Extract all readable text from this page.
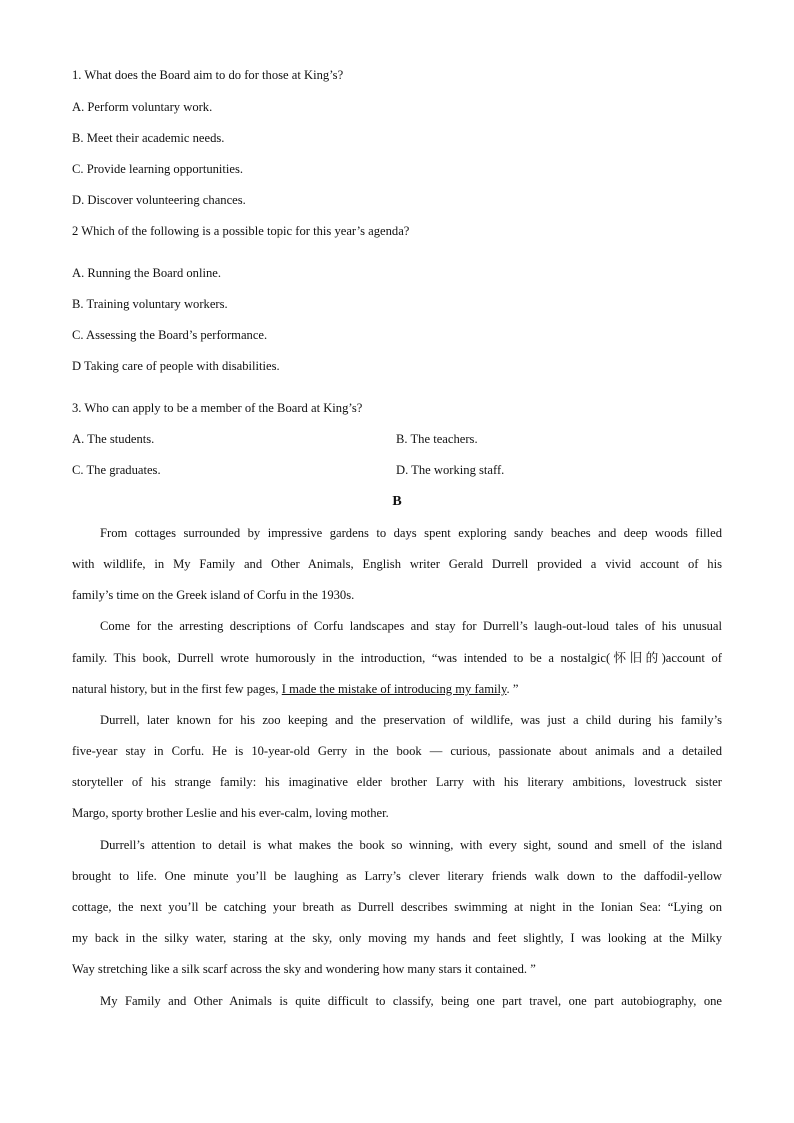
1. What does the Board aim to do for those at King’s?
A. Perform voluntary work.
B. Meet their academic needs.
C. Provide learning opportunities.
D. Discover volunteering chances.
2 Which of the following is a possible topic for this year’s agenda?
A. Running the Board online.
B. Training voluntary workers.
C. Assessing the Board’s performance.
D Taking care of people with disabilities.
3. Who can apply to be a member of the Board at King’s?
A. The students.	B. The teachers.
C. The graduates.	D. The working staff.
B
From cottages surrounded by impressive gardens to days spent exploring sandy beaches and deep woods filled
with wildlife, in My Family and Other Animals, English writer Gerald Durrell provided a vivid account of his
family’s time on the Greek island of Corfu in the 1930s.
Come for the arresting descriptions of Corfu landscapes and stay for Durrell’s laugh-out-loud tales of his unusual
family. This book, Durrell wrote humorously in the introduction, “was intended to be a nostalgic(怀旧的)account of
natural history, but in the first few pages, I made the mistake of introducing my family. ”
Durrell, later known for his zoo keeping and the preservation of wildlife, was just a child during his family’s
five-year stay in Corfu. He is 10-year-old Gerry in the book — curious, passionate about animals and a detailed
storyteller of his strange family: his imaginative elder brother Larry with his literary ambitions, lovestruck sister
Margo, sporty brother Leslie and his ever-calm, loving mother.
Durrell’s attention to detail is what makes the book so winning, with every sight, sound and smell of the island
brought to life. One minute you’ll be laughing as Larry’s clever literary friends walk down to the daffodil-yellow
cottage, the next you’ll be catching your breath as Durrell describes swimming at night in the Ionian Sea: “Lying on
my back in the silky water, staring at the sky, only moving my hands and feet slightly, I was looking at the Milky
Way stretching like a silk scarf across the sky and wondering how many stars it contained. ”
My Family and Other Animals is quite difficult to classify, being one part travel, one part autobiography, one
